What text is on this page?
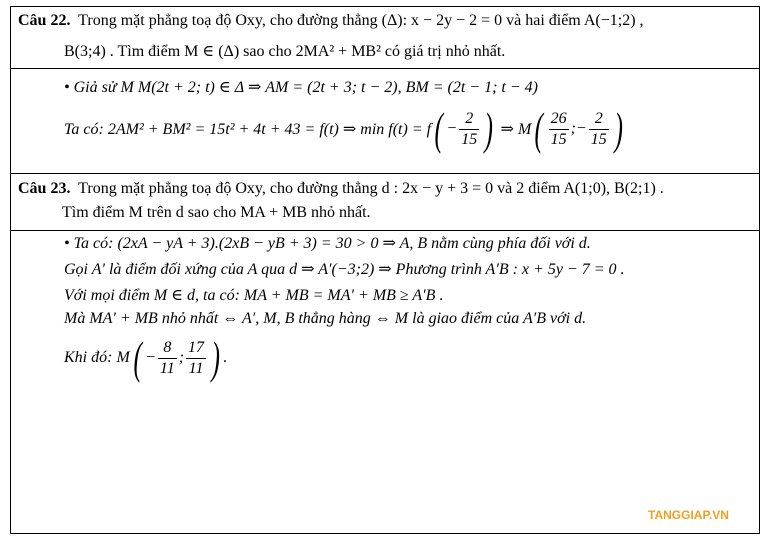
Câu 22. Trong mặt phẳng toạ độ Oxy, cho đường thẳng (Δ): x − 2y − 2 = 0 và hai điểm A(−1;2) ,
B(3;4) . Tìm điểm M ∈ (Δ) sao cho 2MA² + MB² có giá trị nhỏ nhất.
• Giả sử M M(2t + 2; t) ∈ Δ ⇒ AM = (2t + 3; t − 2), BM = (2t − 1; t − 4)
Ta có: 2AM² + BM² = 15t² + 4t + 43 = f(t) ⇒ min f(t) = f ( − $\frac{2}{15}$ )
⇒ M ( $\frac{26}{15}$ ;− $\frac{2}{15}$ )
Câu 23. Trong mặt phẳng toạ độ Oxy, cho đường thẳng d : 2x − y + 3 = 0 và 2 điểm A(1;0), B(2;1) .
Tìm điểm M trên d sao cho MA + MB nhỏ nhất.
• Ta có: (2xA − yA + 3).(2xB − yB + 3) = 30 > 0 ⇒ A, B nằm cùng phía đối với d.
Gọi A′ là điểm đối xứng của A qua d ⇒ A′(−3;2) ⇒ Phương trình A′B : x + 5y − 7 = 0 .
Với mọi điểm M ∈ d, ta có: MA + MB = MA′ + MB ≥ A′B .
Mà MA′ + MB nhỏ nhất ⇔ A′, M, B thẳng hàng ⇔ M là giao điểm của A′B với d.
Khi đó: M ( − $\frac{8}{11}$ ; $\frac{17}{11}$ ) .
TANGGIAP.VN
